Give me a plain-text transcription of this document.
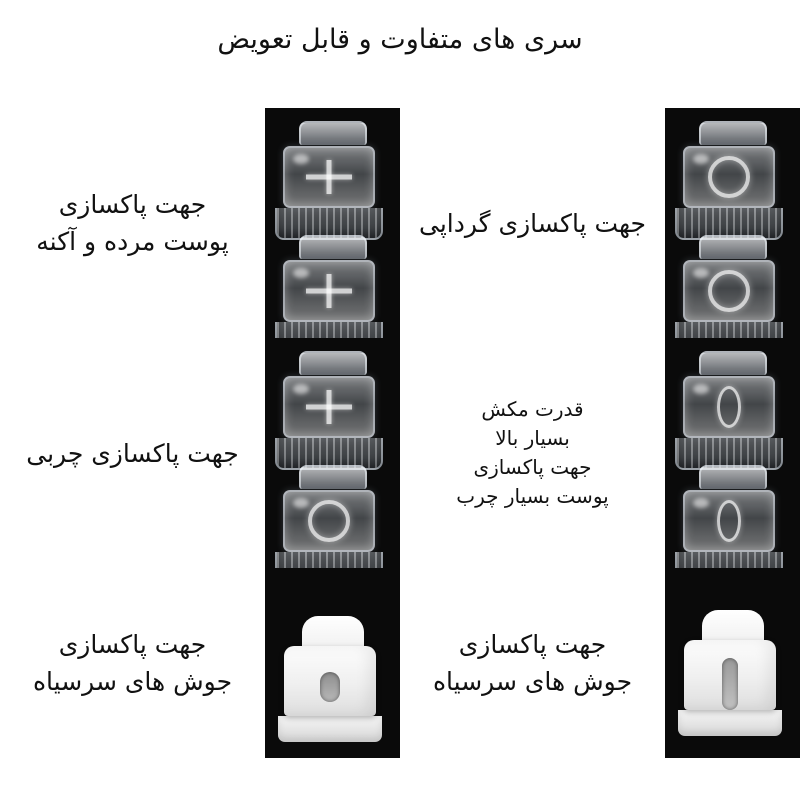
سری های متفاوت و قابل تعویض
جهت پاکسازی
پوست مرده و آکنه
جهت پاکسازی گرداپی
جهت پاکسازی چربی
قدرت مکش
بسیار بالا
جهت پاکسازی
پوست بسیار چرب
جهت پاکسازی
جوش های سرسیاه
جهت پاکسازی
جوش های سرسیاه
